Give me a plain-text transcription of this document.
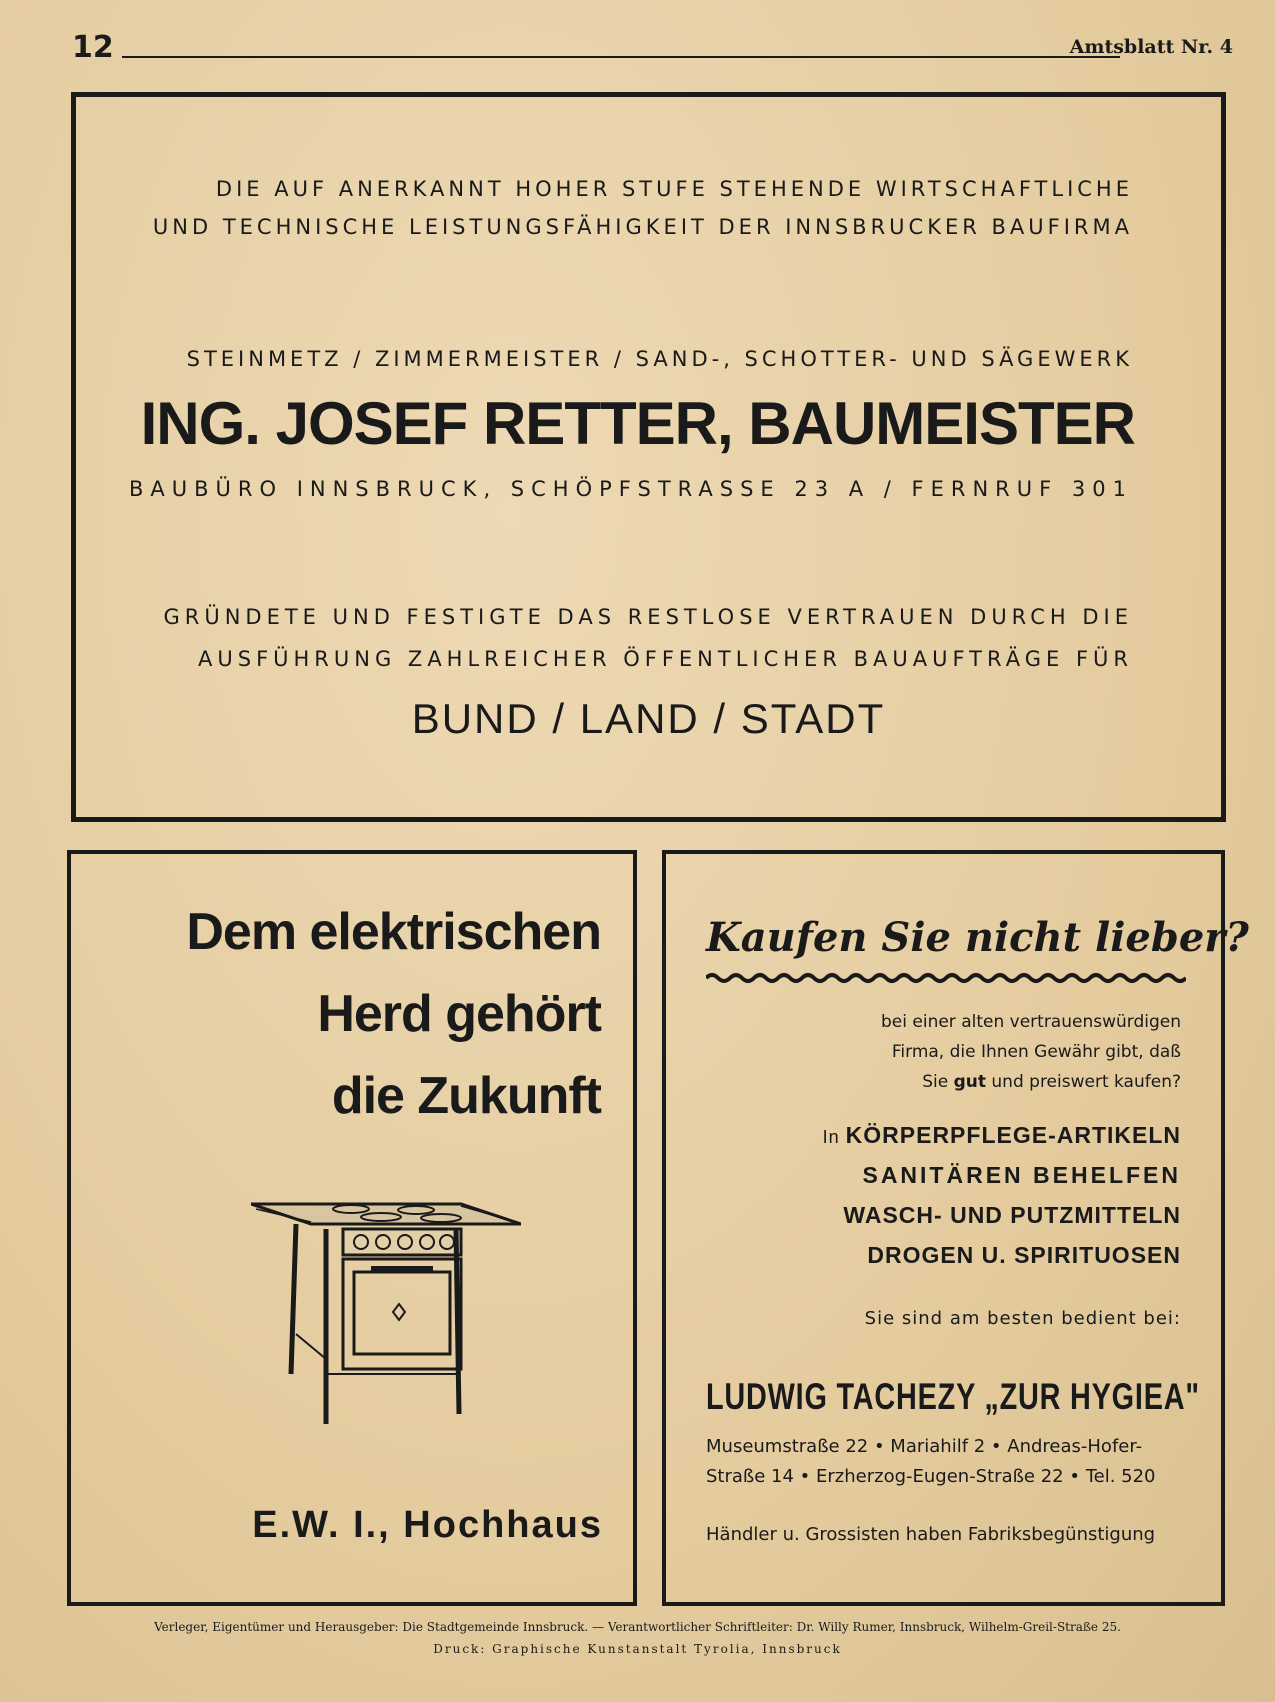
12	Amtsblatt Nr. 4
DIE AUF ANERKANNT HOHER STUFE STEHENDE WIRTSCHAFTLICHE
UND TECHNISCHE LEISTUNGSFÄHIGKEIT DER INNSBRUCKER BAUFIRMA
STEINMETZ / ZIMMERMEISTER / SAND-, SCHOTTER- UND SÄGEWERK
ING. JOSEF RETTER, BAUMEISTER
BAUBÜRO INNSBRUCK, SCHÖPFSTRASSE 23 A / FERNRUF 301
GRÜNDETE UND FESTIGTE DAS RESTLOSE VERTRAUEN DURCH DIE
AUSFÜHRUNG ZAHLREICHER ÖFFENTLICHER BAUAUFTRÄGE FÜR
BUND / LAND / STADT
Dem elektrischen
Herd gehört
die Zukunft
E.W. I., Hochhaus
Kaufen Sie nicht lieber?
bei einer alten vertrauenswürdigen
Firma, die Ihnen Gewähr gibt, daß
Sie gut und preiswert kaufen?
In KÖRPERPFLEGE-ARTIKELN
SANITÄREN BEHELFEN
WASCH- UND PUTZMITTELN
DROGEN U. SPIRITUOSEN
Sie sind am besten bedient bei:
LUDWIG TACHEZY „ZUR HYGIEA"
Museumstraße 22 • Mariahilf 2 • Andreas-Hofer-
Straße 14 • Erzherzog-Eugen-Straße 22 • Tel. 520
Händler u. Grossisten haben Fabriksbegünstigung
Verleger, Eigentümer und Herausgeber: Die Stadtgemeinde Innsbruck. — Verantwortlicher Schriftleiter: Dr. Willy Rumer, Innsbruck, Wilhelm-Greil-Straße 25.
Druck: Graphische Kunstanstalt Tyrolia, Innsbruck
